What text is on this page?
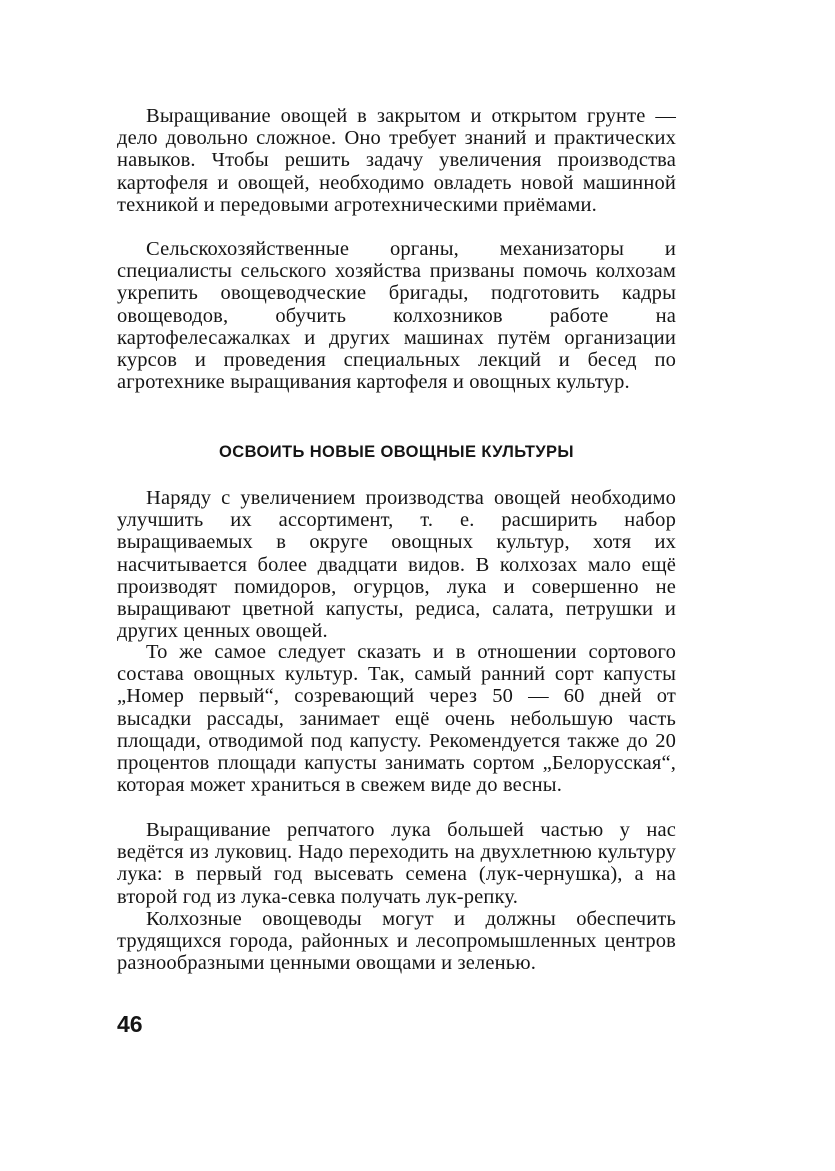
Выращивание овощей в закрытом и открытом грунте — дело довольно сложное. Оно требует знаний и практических навыков. Чтобы решить задачу увеличения производства картофеля и овощей, необходимо овладеть новой машинной техникой и передовыми агротехническими приёмами.

Сельскохозяйственные органы, механизаторы и специалисты сельского хозяйства призваны помочь колхозам укрепить овощеводческие бригады, подготовить кадры овощеводов, обучить колхозников работе на картофелесажалках и других машинах путём организации курсов и проведения специальных лекций и бесед по агротехнике выращивания картофеля и овощных культур.

ОСВОИТЬ НОВЫЕ ОВОЩНЫЕ КУЛЬТУРЫ

Наряду с увеличением производства овощей необходимо улучшить их ассортимент, т. е. расширить набор выращиваемых в округе овощных культур, хотя их насчитывается более двадцати видов. В колхозах мало ещё производят помидоров, огурцов, лука и совершенно не выращивают цветной капусты, редиса, салата, петрушки и других ценных овощей.

То же самое следует сказать и в отношении сортового состава овощных культур. Так, самый ранний сорт капусты „Номер первый“, созревающий через 50 — 60 дней от высадки рассады, занимает ещё очень небольшую часть площади, отводимой под капусту. Рекомендуется также до 20 процентов площади капусты занимать сортом „Белорусская“, которая может храниться в свежем виде до весны.

Выращивание репчатого лука большей частью у нас ведётся из луковиц. Надо переходить на двухлетнюю культуру лука: в первый год высевать семена (лук-чернушка), а на второй год из лука-севка получать лук-репку.

Колхозные овощеводы могут и должны обеспечить трудящихся города, районных и лесопромышленных центров разнообразными ценными овощами и зеленью.

46
